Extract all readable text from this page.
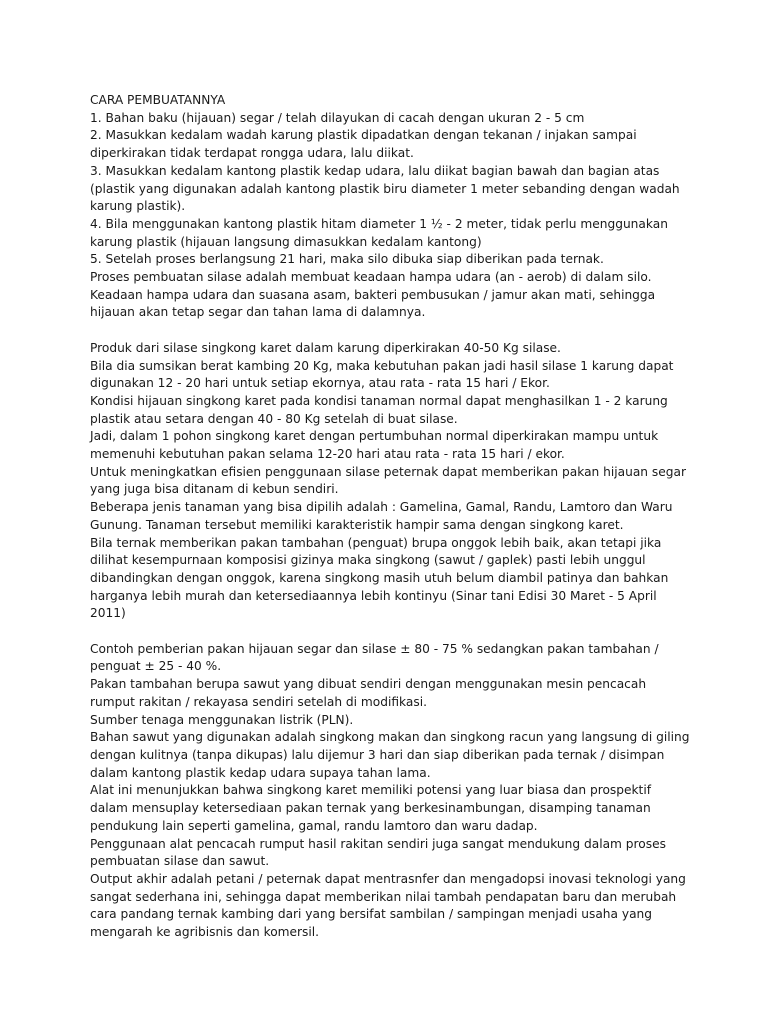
CARA PEMBUATANNYA

1. Bahan baku (hijauan) segar / telah dilayukan di cacah dengan ukuran 2 - 5 cm

2. Masukkan kedalam wadah karung plastik dipadatkan dengan tekanan / injakan sampai diperkirakan tidak terdapat rongga udara, lalu diikat.

3. Masukkan kedalam kantong plastik kedap udara, lalu diikat bagian bawah dan bagian atas (plastik yang digunakan adalah kantong plastik biru diameter 1 meter sebanding dengan wadah karung plastik).

4. Bila menggunakan kantong plastik hitam diameter 1 ½ - 2 meter, tidak perlu menggunakan karung plastik (hijauan langsung dimasukkan kedalam kantong)

5. Setelah proses berlangsung 21 hari, maka silo dibuka siap diberikan pada ternak.

Proses pembuatan silase adalah membuat keadaan hampa udara (an - aerob) di dalam silo. Keadaan hampa udara dan suasana asam, bakteri pembusukan / jamur akan mati, sehingga hijauan akan tetap segar dan tahan lama di dalamnya.

Produk dari silase singkong karet dalam karung diperkirakan 40-50 Kg silase.

Bila dia sumsikan berat kambing 20 Kg, maka kebutuhan pakan jadi hasil silase 1 karung dapat digunakan 12 - 20 hari untuk setiap ekornya, atau rata - rata 15 hari / Ekor.

Kondisi hijauan singkong karet pada kondisi tanaman normal dapat menghasilkan 1 - 2 karung plastik atau setara dengan 40 - 80 Kg setelah di buat silase.

Jadi, dalam 1 pohon singkong karet dengan pertumbuhan normal diperkirakan mampu untuk memenuhi kebutuhan pakan selama 12-20 hari atau rata - rata 15 hari / ekor.

Untuk meningkatkan efisien penggunaan silase peternak dapat memberikan pakan hijauan segar yang juga bisa ditanam di kebun sendiri.

Beberapa jenis tanaman yang bisa dipilih adalah : Gamelina, Gamal, Randu, Lamtoro dan Waru Gunung. Tanaman tersebut memiliki karakteristik hampir sama dengan singkong karet.

Bila ternak memberikan pakan tambahan (penguat) brupa onggok lebih baik, akan tetapi jika dilihat kesempurnaan komposisi gizinya maka singkong (sawut / gaplek) pasti lebih unggul dibandingkan dengan onggok, karena singkong masih utuh belum diambil patinya dan bahkan harganya lebih murah dan ketersediaannya lebih kontinyu (Sinar tani Edisi 30 Maret - 5 April 2011)

Contoh pemberian pakan hijauan segar dan silase ± 80 - 75 % sedangkan pakan tambahan / penguat ± 25 - 40 %.

Pakan tambahan berupa sawut yang dibuat sendiri dengan menggunakan mesin pencacah rumput rakitan / rekayasa sendiri setelah di modifikasi.

Sumber tenaga menggunakan listrik (PLN).

Bahan sawut yang digunakan adalah singkong makan dan singkong racun yang langsung di giling dengan kulitnya (tanpa dikupas) lalu dijemur 3 hari dan siap diberikan pada ternak / disimpan dalam kantong plastik kedap udara supaya tahan lama.

Alat ini menunjukkan bahwa singkong karet memiliki potensi yang luar biasa dan prospektif dalam mensuplay ketersediaan pakan ternak yang berkesinambungan, disamping tanaman pendukung lain seperti gamelina, gamal, randu lamtoro dan waru dadap.

Penggunaan alat pencacah rumput hasil rakitan sendiri juga sangat mendukung dalam proses pembuatan silase dan sawut.

Output akhir adalah petani / peternak dapat mentrasnfer dan mengadopsi inovasi teknologi yang sangat sederhana ini, sehingga dapat memberikan nilai tambah pendapatan baru dan merubah cara pandang ternak kambing dari yang bersifat sambilan / sampingan menjadi usaha yang mengarah ke agribisnis dan komersil.
